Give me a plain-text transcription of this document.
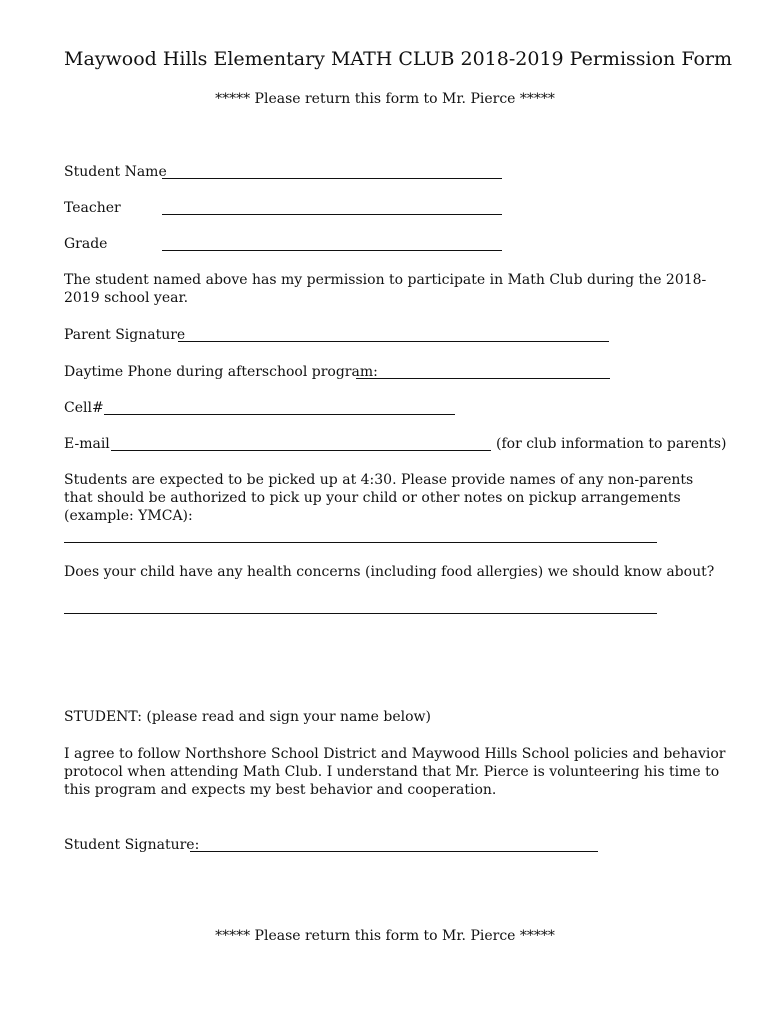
Maywood Hills Elementary MATH CLUB 2018-2019 Permission Form
***** Please return this form to Mr. Pierce *****
Student Name
Teacher
Grade
The student named above has my permission to participate in Math Club during the 2018-2019 school year.
Parent Signature
Daytime Phone during afterschool program:
Cell#
E-mail	(for club information to parents)
Students are expected to be picked up at 4:30. Please provide names of any non-parents that should be authorized to pick up your child or other notes on pickup arrangements (example: YMCA):
Does your child have any health concerns (including food allergies) we should know about?
STUDENT: (please read and sign your name below)
I agree to follow Northshore School District and Maywood Hills School policies and behavior protocol when attending Math Club. I understand that Mr. Pierce is volunteering his time to this program and expects my best behavior and cooperation.
Student Signature:
***** Please return this form to Mr. Pierce *****
